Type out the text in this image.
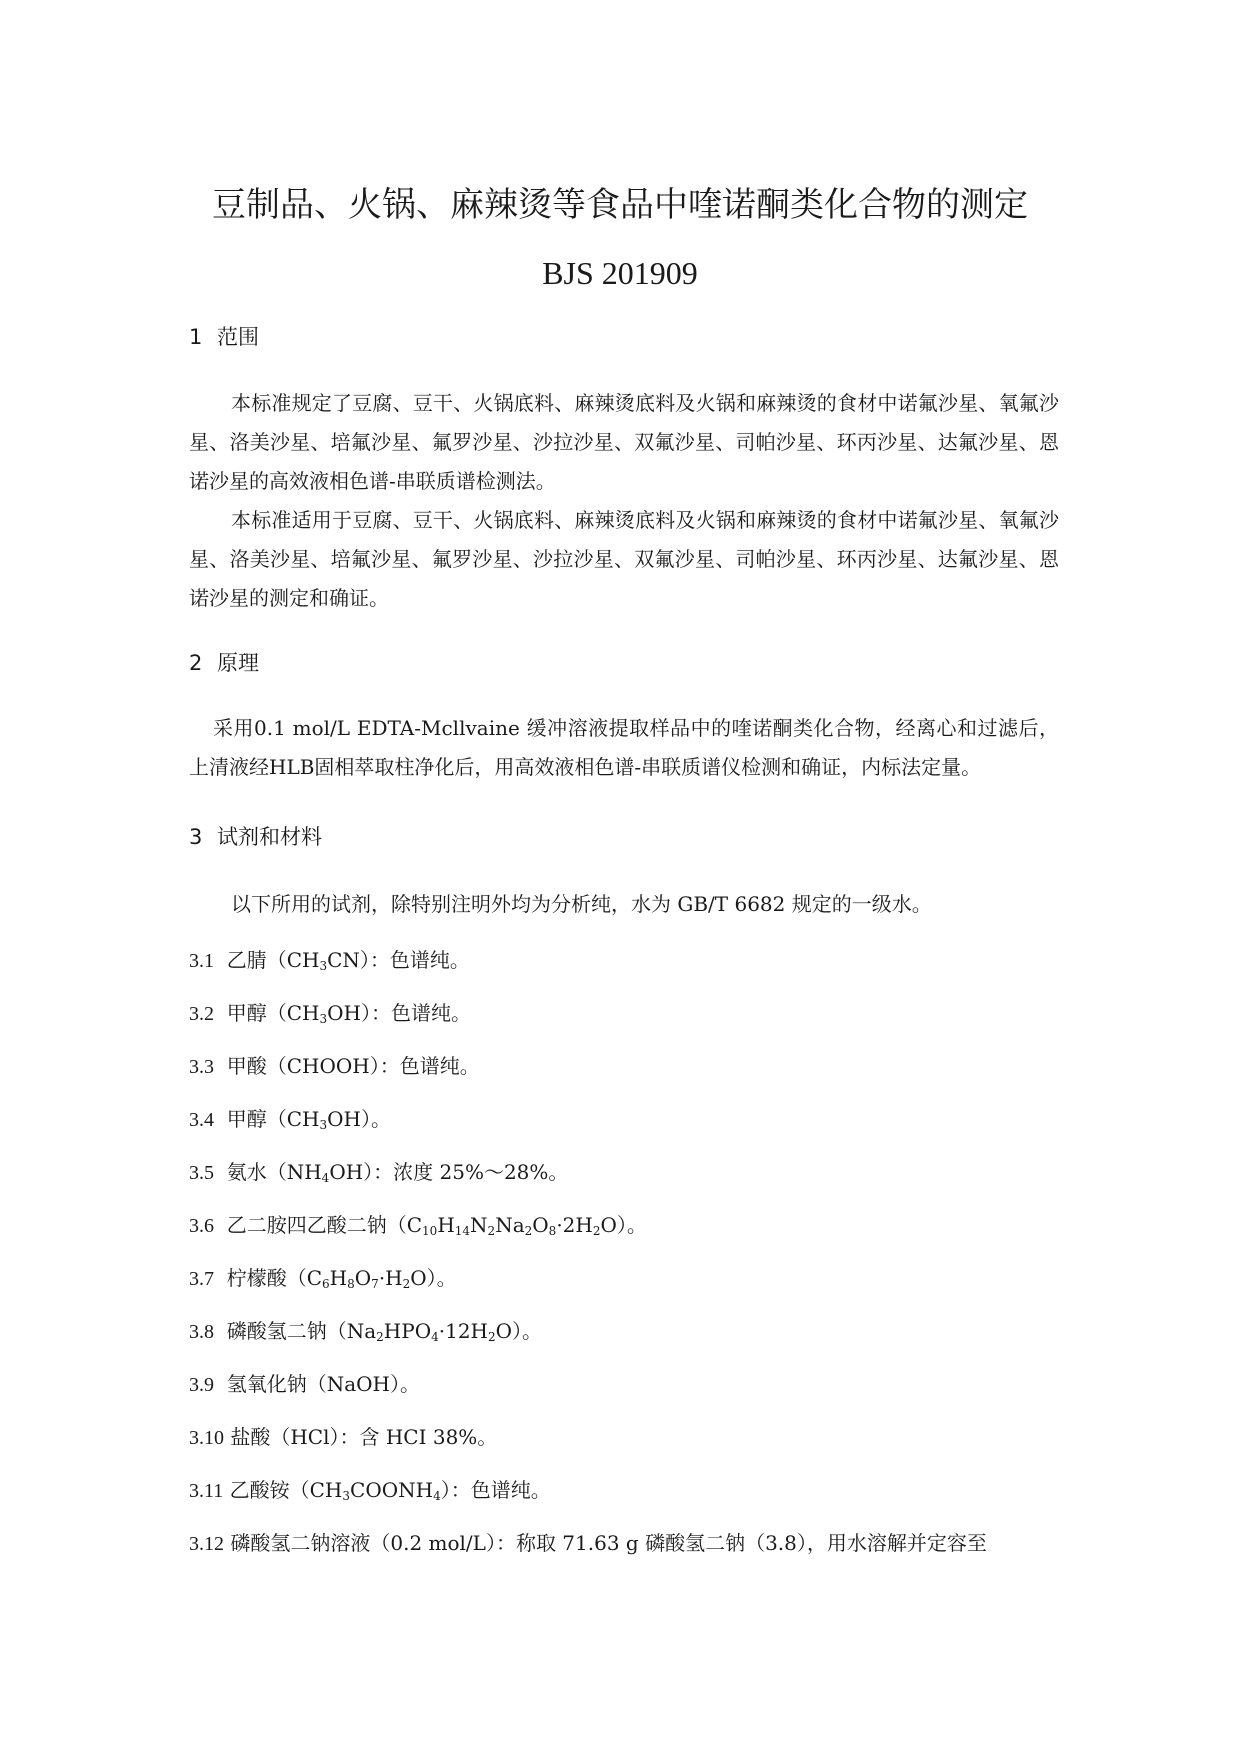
豆制品、火锅、麻辣烫等食品中喹诺酮类化合物的测定
BJS 201909
1 范围
本标准规定了豆腐、豆干、火锅底料、麻辣烫底料及火锅和麻辣烫的食材中诺氟沙星、氧氟沙星、洛美沙星、培氟沙星、氟罗沙星、沙拉沙星、双氟沙星、司帕沙星、环丙沙星、达氟沙星、恩诺沙星的高效液相色谱-串联质谱检测法。
本标准适用于豆腐、豆干、火锅底料、麻辣烫底料及火锅和麻辣烫的食材中诺氟沙星、氧氟沙星、洛美沙星、培氟沙星、氟罗沙星、沙拉沙星、双氟沙星、司帕沙星、环丙沙星、达氟沙星、恩诺沙星的测定和确证。
2 原理
采用0.1 mol/L EDTA-Mcllvaine 缓冲溶液提取样品中的喹诺酮类化合物，经离心和过滤后，上清液经HLB固相萃取柱净化后，用高效液相色谱-串联质谱仪检测和确证，内标法定量。
3 试剂和材料
以下所用的试剂，除特别注明外均为分析纯，水为 GB/T 6682 规定的一级水。
3.1 乙腈$(CH_3CN)$：色谱纯。
3.2 甲醇$(CH_3OH)$：色谱纯。
3.3 甲酸（CHOOH）：色谱纯。
3.4 甲醇$(CH_3OH)$。
3.5 氨水$(NH_4OH)$：浓度 25%～28%。
3.6 乙二胺四乙酸二钠$(C_{10}H_{14}N_2Na_2O_8\cdot 2H_2O)$。
3.7 柠檬酸$(C_6H_8O_7\cdot H_2O)$。
3.8 磷酸氢二钠$(Na_2HPO_4\cdot 12H_2O)$。
3.9 氢氧化钠（NaOH）。
3.10 盐酸（HCl）：含 HCI 38%。
3.11 乙酸铵$(CH_3COONH_4)$：色谱纯。
3.12 磷酸氢二钠溶液（0.2 mol/L）：称取 71.63 g 磷酸氢二钠（3.8），用水溶解并定容至
